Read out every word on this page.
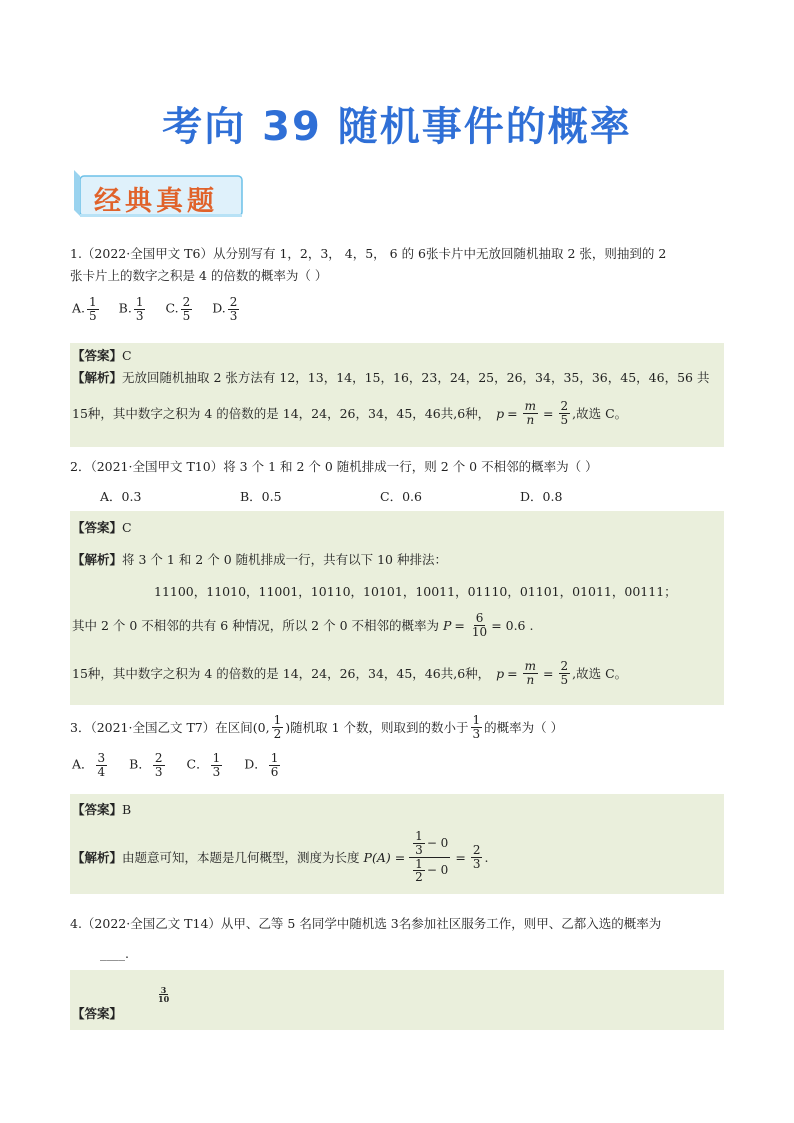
考向 39 随机事件的概率
经典真题
1.（2022·全国甲文 T6）从分别写有 1，2，3， 4，5， 6 的 6张卡片中无放回随机抽取 2 张，则抽到的 2
张卡片上的数字之积是 4 的倍数的概率为（ ）
A. $\frac{1}{5} B$. $\frac{1}{3} C$. $\frac{2}{5} D$. $\frac{2}{3}$
【答案】C
【解析】无放回随机抽取 2 张方法有 12，13，14，15，16，23，24，25，26，34，35，36，45，46，56 共
15种，其中数字之积为 4 的倍数的是 14，24，26，34，45，46共,6种， $p = \frac{m}{n} = \frac{2}{5}$ ,故选 C。
2．（2021·全国甲文 T10）将 3 个 1 和 2 个 0 随机排成一行，则 2 个 0 不相邻的概率为（ ）
A．0.3	B．0.5	C．0.6	D．0.8
【答案】C
【解析】将 3 个 1 和 2 个 0 随机排成一行，共有以下 10 种排法：
11100，11010，11001，10110，10101，10011，01110，01101，01011，00111；
其中 2 个 0 不相邻的共有 6 种情况，所以 2 个 0 不相邻的概率为 $P = \frac{6}{10} = 0.6$ .
15种，其中数字之积为 4 的倍数的是 14，24，26，34，45，46共,6种， $p = \frac{m}{n} = \frac{2}{5}$ ,故选 C。
3．（2021·全国乙文 T7）在区间 (0, $\frac{1}{2}$ ) 随机取 1 个数，则取到的数小于 $\frac{1}{3}$ 的概率为（ ）
A． $\frac{3}{4}$ B． $\frac{2}{3}$ C． $\frac{1}{3}$ D． $\frac{1}{6}$
【答案】B
【解析】 由题意可知，本题是几何概型，测度为长度 $P(A) = \frac{\frac{1}{3} - 0}{\frac{1}{2} - 0} = \frac{2}{3}$ .
4.（2022·全国乙文 T14）从甲、乙等 5 名同学中随机选 3名参加社区服务工作，则甲、乙都入选的概率为
____.
【答案】
$\frac{3}{10}$
